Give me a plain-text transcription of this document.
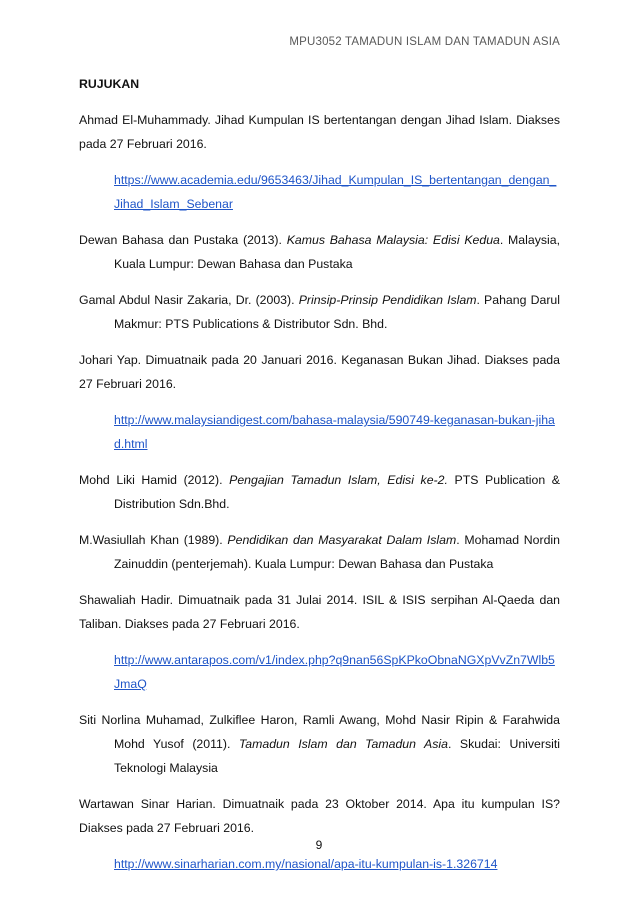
MPU3052 TAMADUN ISLAM DAN TAMADUN ASIA
RUJUKAN
Ahmad El-Muhammady. Jihad Kumpulan IS bertentangan dengan Jihad Islam. Diakses pada 27 Februari 2016.
https://www.academia.edu/9653463/Jihad_Kumpulan_IS_bertentangan_dengan_Jihad_Islam_Sebenar
Dewan Bahasa dan Pustaka (2013). Kamus Bahasa Malaysia: Edisi Kedua. Malaysia, Kuala Lumpur: Dewan Bahasa dan Pustaka
Gamal Abdul Nasir Zakaria, Dr. (2003). Prinsip-Prinsip Pendidikan Islam. Pahang Darul Makmur: PTS Publications & Distributor Sdn. Bhd.
Johari Yap. Dimuatnaik pada 20 Januari 2016. Keganasan Bukan Jihad. Diakses pada 27 Februari 2016.
http://www.malaysiandigest.com/bahasa-malaysia/590749-keganasan-bukan-jihad.html
Mohd Liki Hamid (2012). Pengajian Tamadun Islam, Edisi ke-2. PTS Publication & Distribution Sdn.Bhd.
M.Wasiullah Khan (1989). Pendidikan dan Masyarakat Dalam Islam. Mohamad Nordin Zainuddin (penterjemah). Kuala Lumpur: Dewan Bahasa dan Pustaka
Shawaliah Hadir. Dimuatnaik pada 31 Julai 2014. ISIL & ISIS serpihan Al-Qaeda dan Taliban. Diakses pada 27 Februari 2016.
http://www.antarapos.com/v1/index.php?q9nan56SpKPkoObnaNGXpVvZn7Wlb5JmaQ
Siti Norlina Muhamad, Zulkiflee Haron, Ramli Awang, Mohd Nasir Ripin & Farahwida Mohd Yusof (2011). Tamadun Islam dan Tamadun Asia. Skudai: Universiti Teknologi Malaysia
Wartawan Sinar Harian. Dimuatnaik pada 23 Oktober 2014. Apa itu kumpulan IS? Diakses pada 27 Februari 2016.
http://www.sinarharian.com.my/nasional/apa-itu-kumpulan-is-1.326714
9
